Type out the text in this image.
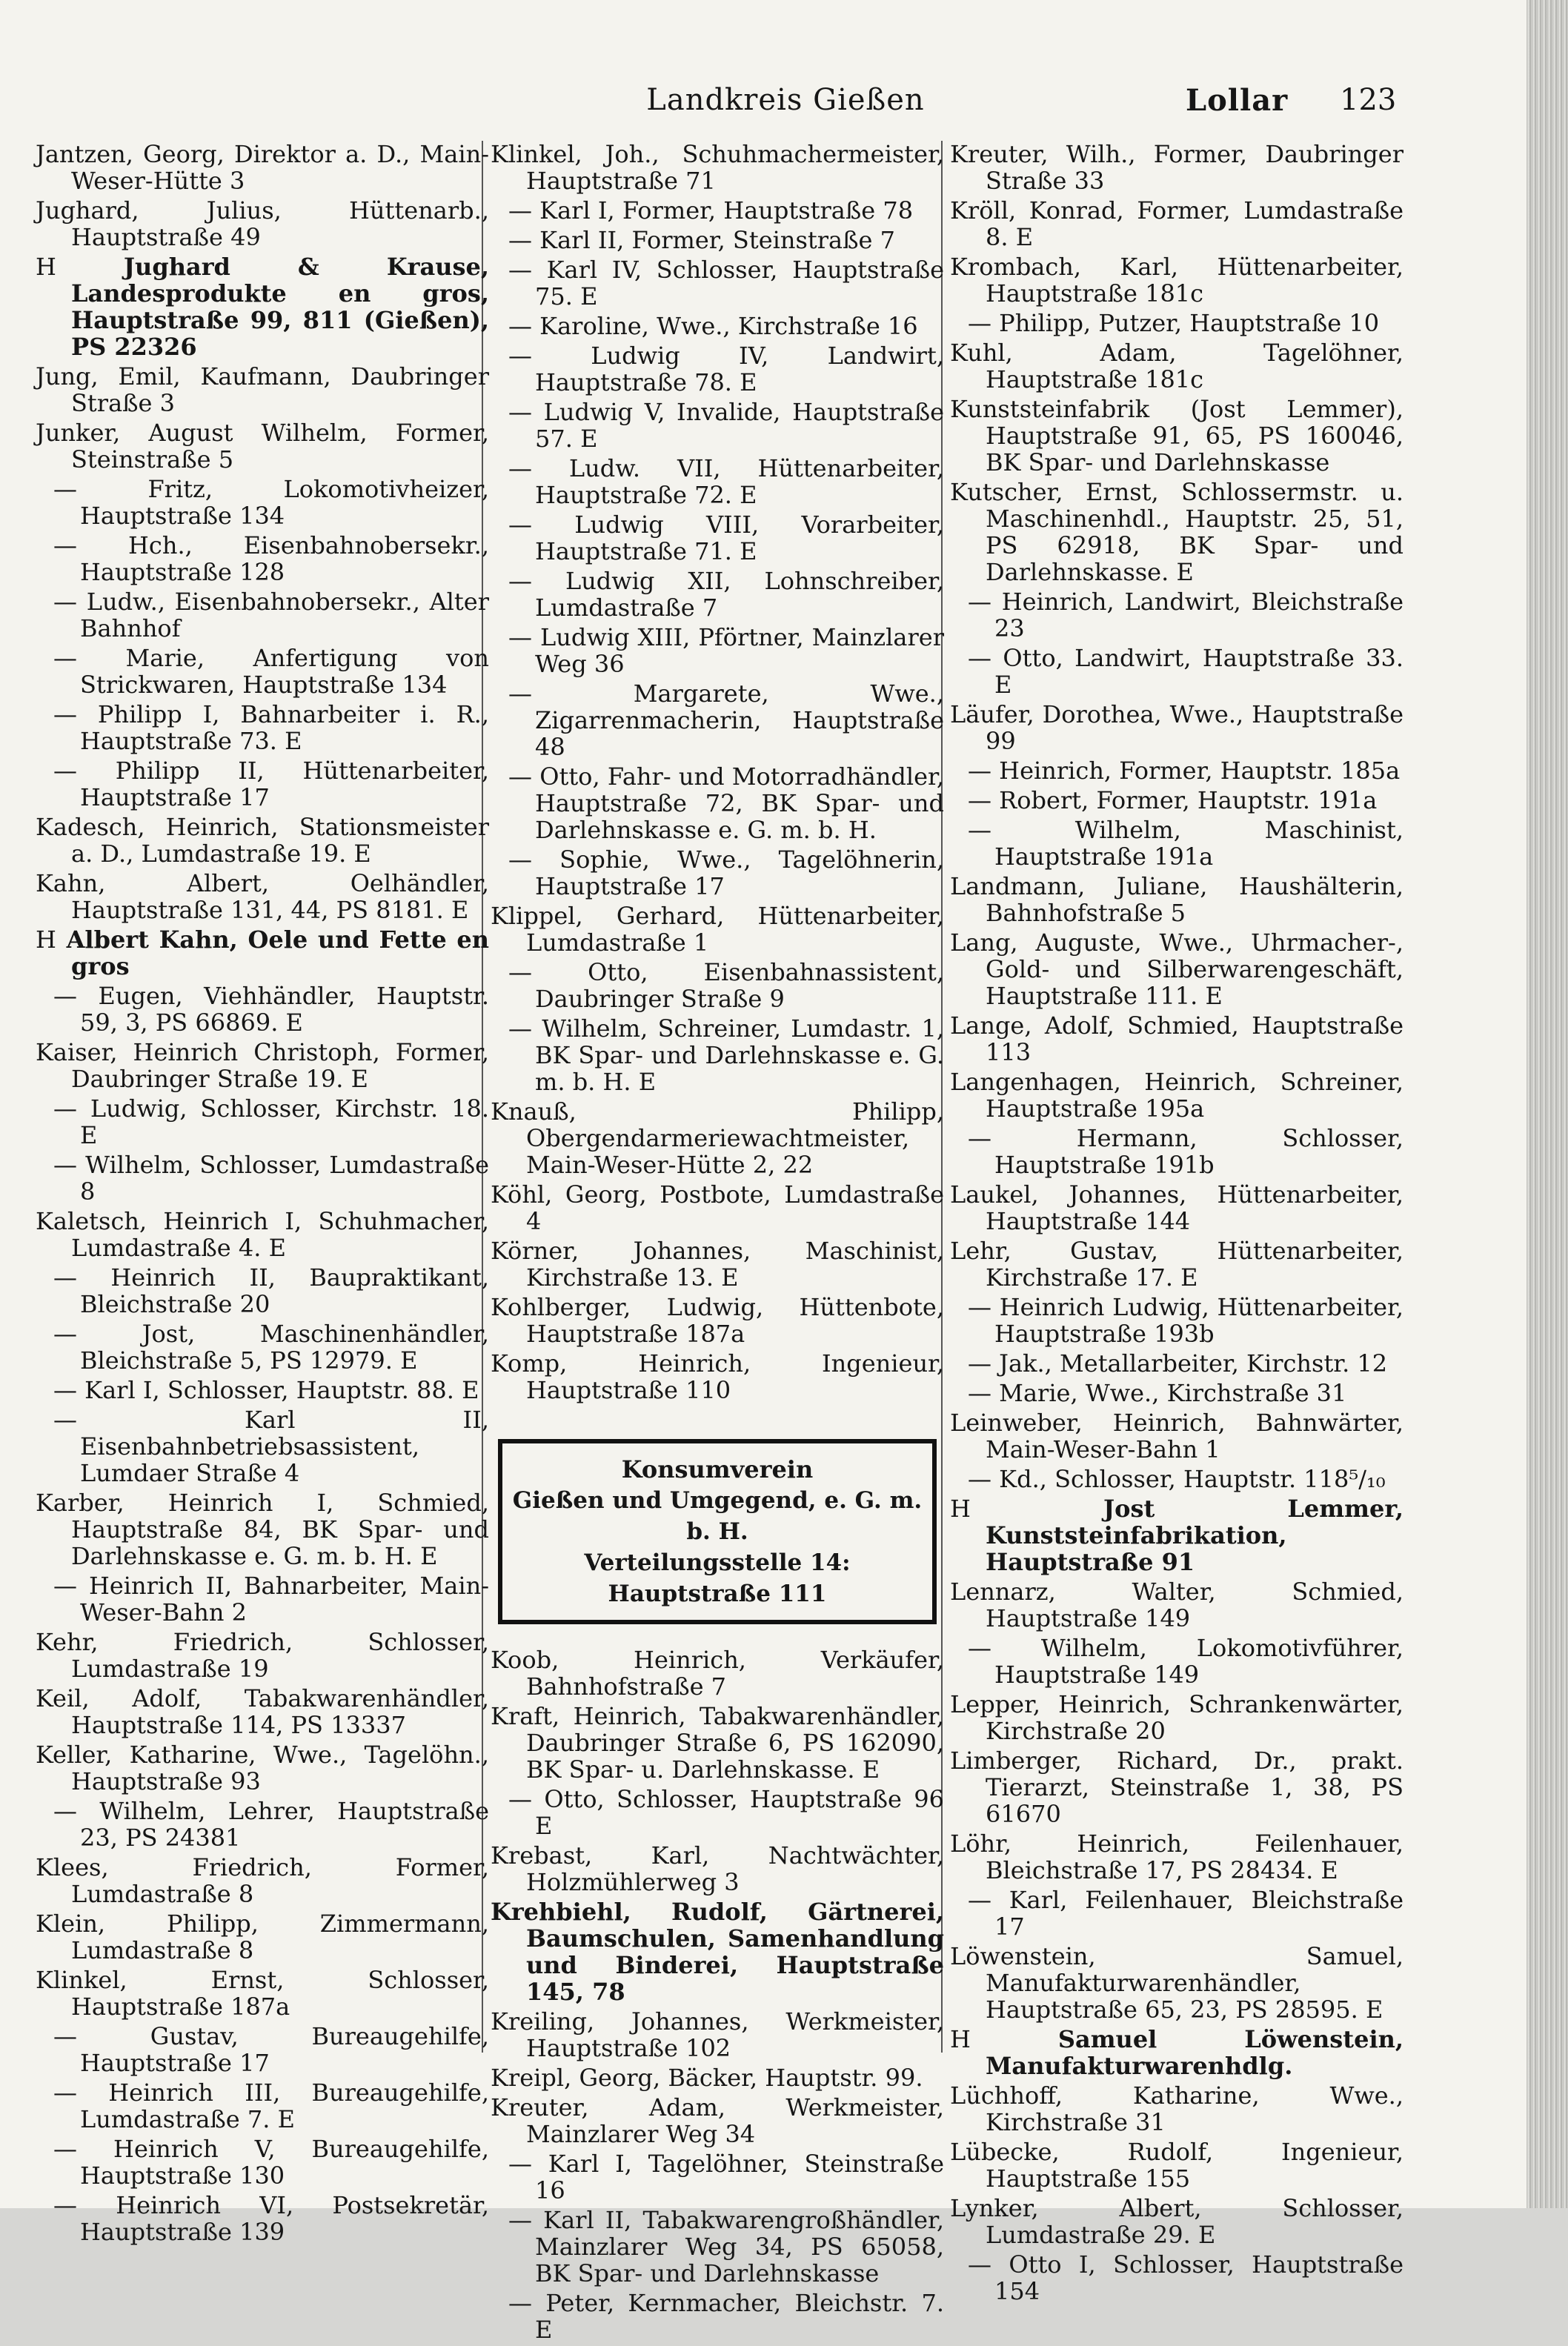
Landkreis Gießen	Lollar 123

Jantzen, Georg, Direktor a. D., Main-Weser-Hütte 3

Jughard, Julius, Hüttenarb., Hauptstraße 49

H	Jughard & Krause, Landesprodukte en gros, Hauptstraße 99, 811 (Gießen), PS 22326

Jung, Emil, Kaufmann, Daubringer Straße 3

Junker, August Wilhelm, Former, Steinstraße 5

— Fritz, Lokomotivheizer, Hauptstraße 134

— Hch., Eisenbahnobersekr., Hauptstraße 128

— Ludw., Eisenbahnobersekr., Alter Bahnhof

— Marie, Anfertigung von Strickwaren, Hauptstraße 134

— Philipp I, Bahnarbeiter i. R., Hauptstraße 73. E

— Philipp II, Hüttenarbeiter, Hauptstraße 17

Kadesch, Heinrich, Stationsmeister a. D., Lumdastraße 19. E

Kahn, Albert, Oelhändler, Hauptstraße 131, 44, PS 8181. E

H Albert Kahn, Oele und Fette en gros

— Eugen, Viehhändler, Hauptstr. 59, 3, PS 66869. E

Kaiser, Heinrich Christoph, Former, Daubringer Straße 19. E

— Ludwig, Schlosser, Kirchstr. 18. E

— Wilhelm, Schlosser, Lumdastraße 8

Kaletsch, Heinrich I, Schuhmacher, Lumdastraße 4. E

— Heinrich II, Baupraktikant, Bleichstraße 20

— Jost, Maschinenhändler, Bleichstraße 5, PS 12979. E

— Karl I, Schlosser, Hauptstr. 88. E

— Karl II, Eisenbahnbetriebsassistent, Lumdaer Straße 4

Karber, Heinrich I, Schmied, Hauptstraße 84, BK Spar- und Darlehnskasse e. G. m. b. H. E

— Heinrich II, Bahnarbeiter, Main-Weser-Bahn 2

Kehr, Friedrich, Schlosser, Lumdastraße 19

Keil, Adolf, Tabakwarenhändler, Hauptstraße 114, PS 13337

Keller, Katharine, Wwe., Tagelöhn., Hauptstraße 93

— Wilhelm, Lehrer, Hauptstraße 23, PS 24381

Klees, Friedrich, Former, Lumdastraße 8

Klein, Philipp, Zimmermann, Lumdastraße 8

Klinkel, Ernst, Schlosser, Hauptstraße 187a

— Gustav, Bureaugehilfe, Hauptstraße 17

— Heinrich III, Bureaugehilfe, Lumdastraße 7. E

— Heinrich V, Bureaugehilfe, Hauptstraße 130

— Heinrich VI, Postsekretär, Hauptstraße 139

Klinkel, Joh., Schuhmachermeister, Hauptstraße 71

— Karl I, Former, Hauptstraße 78

— Karl II, Former, Steinstraße 7

— Karl IV, Schlosser, Hauptstraße 75. E

— Karoline, Wwe., Kirchstraße 16

— Ludwig IV, Landwirt, Hauptstraße 78. E

— Ludwig V, Invalide, Hauptstraße 57. E

— Ludw. VII, Hüttenarbeiter, Hauptstraße 72. E

— Ludwig VIII, Vorarbeiter, Hauptstraße 71. E

— Ludwig XII, Lohnschreiber, Lumdastraße 7

— Ludwig XIII, Pförtner, Mainzlarer Weg 36

— Margarete, Wwe., Zigarrenmacherin, Hauptstraße 48

— Otto, Fahr- und Motorradhändler, Hauptstraße 72, BK Spar- und Darlehnskasse e. G. m. b. H.

— Sophie, Wwe., Tagelöhnerin, Hauptstraße 17

Klippel, Gerhard, Hüttenarbeiter, Lumdastraße 1

— Otto, Eisenbahnassistent, Daubringer Straße 9

— Wilhelm, Schreiner, Lumdastr. 1, BK Spar- und Darlehnskasse e. G. m. b. H. E

Knauß, Philipp, Obergendarmeriewachtmeister, Main-Weser-Hütte 2, 22

Köhl, Georg, Postbote, Lumdastraße 4

Körner, Johannes, Maschinist, Kirchstraße 13. E

Kohlberger, Ludwig, Hüttenbote, Hauptstraße 187a

Komp, Heinrich, Ingenieur, Hauptstraße 110

Konsumverein
Gießen und Umgegend, e. G. m. b. H.
Verteilungsstelle 14: Hauptstraße 111

Koob, Heinrich, Verkäufer, Bahnhofstraße 7

Kraft, Heinrich, Tabakwarenhändler, Daubringer Straße 6, PS 162090, BK Spar- u. Darlehnskasse. E

— Otto, Schlosser, Hauptstraße 96 E

Krebast, Karl, Nachtwächter, Holzmühlerweg 3

Krehbiehl, Rudolf, Gärtnerei, Baumschulen, Samenhandlung und Binderei, Hauptstraße 145, 78

Kreiling, Johannes, Werkmeister, Hauptstraße 102

Kreipl, Georg, Bäcker, Hauptstr. 99.

Kreuter, Adam, Werkmeister, Mainzlarer Weg 34

— Karl I, Tagelöhner, Steinstraße 16

— Karl II, Tabakwarengroßhändler, Mainzlarer Weg 34, PS 65058, BK Spar- und Darlehnskasse

— Peter, Kernmacher, Bleichstr. 7. E

Kreuter, Wilh., Former, Daubringer Straße 33

Kröll, Konrad, Former, Lumdastraße 8. E

Krombach, Karl, Hüttenarbeiter, Hauptstraße 181c

— Philipp, Putzer, Hauptstraße 10

Kuhl, Adam, Tagelöhner, Hauptstraße 181c

Kunststeinfabrik (Jost Lemmer), Hauptstraße 91, 65, PS 160046, BK Spar- und Darlehnskasse

Kutscher, Ernst, Schlossermstr. u. Maschinenhdl., Hauptstr. 25, 51, PS 62918, BK Spar- und Darlehnskasse. E

— Heinrich, Landwirt, Bleichstraße 23

— Otto, Landwirt, Hauptstraße 33. E

Läufer, Dorothea, Wwe., Hauptstraße 99

— Heinrich, Former, Hauptstr. 185a

— Robert, Former, Hauptstr. 191a

— Wilhelm, Maschinist, Hauptstraße 191a

Landmann, Juliane, Haushälterin, Bahnhofstraße 5

Lang, Auguste, Wwe., Uhrmacher-, Gold- und Silberwarengeschäft, Hauptstraße 111. E

Lange, Adolf, Schmied, Hauptstraße 113

Langenhagen, Heinrich, Schreiner, Hauptstraße 195a

— Hermann, Schlosser, Hauptstraße 191b

Laukel, Johannes, Hüttenarbeiter, Hauptstraße 144

Lehr, Gustav, Hüttenarbeiter, Kirchstraße 17. E

— Heinrich Ludwig, Hüttenarbeiter, Hauptstraße 193b

— Jak., Metallarbeiter, Kirchstr. 12

— Marie, Wwe., Kirchstraße 31

Leinweber, Heinrich, Bahnwärter, Main-Weser-Bahn 1

— Kd., Schlosser, Hauptstr. 118⁵/₁₀

H	Jost Lemmer, Kunststeinfabrikation, Hauptstraße 91

Lennarz, Walter, Schmied, Hauptstraße 149

— Wilhelm, Lokomotivführer, Hauptstraße 149

Lepper, Heinrich, Schrankenwärter, Kirchstraße 20

Limberger, Richard, Dr., prakt. Tierarzt, Steinstraße 1, 38, PS 61670

Löhr, Heinrich, Feilenhauer, Bleichstraße 17, PS 28434. E

— Karl, Feilenhauer, Bleichstraße 17

Löwenstein, Samuel, Manufakturwarenhändler, Hauptstraße 65, 23, PS 28595. E

H	Samuel Löwenstein, Manufakturwarenhdlg.

Lüchhoff, Katharine, Wwe., Kirchstraße 31

Lübecke, Rudolf, Ingenieur, Hauptstraße 155

Lynker, Albert, Schlosser, Lumdastraße 29. E

— Otto I, Schlosser, Hauptstraße 154
